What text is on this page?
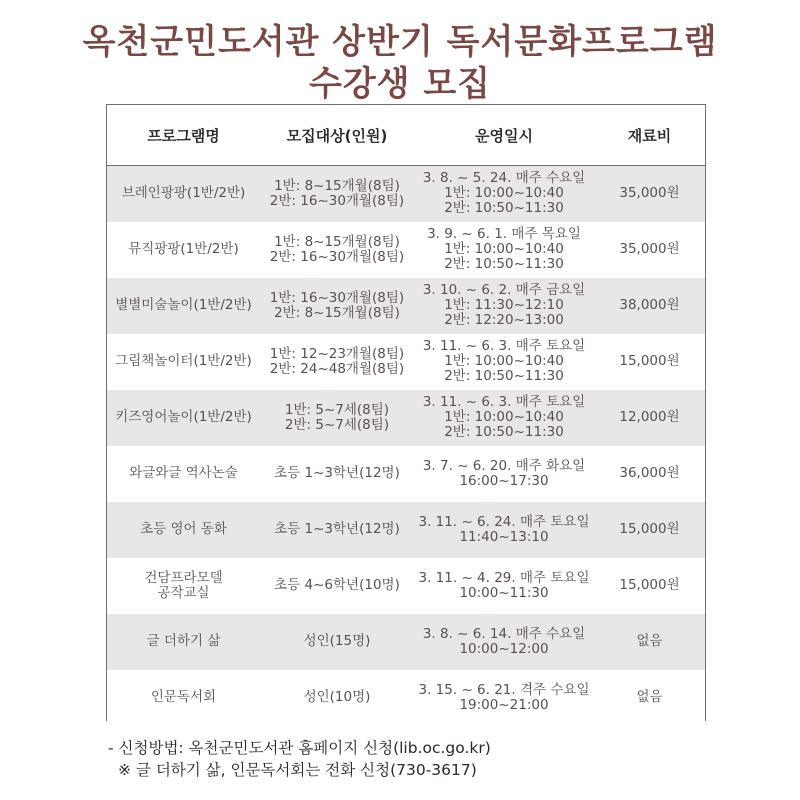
옥천군민도서관 상반기 독서문화프로그램
수강생 모집
프로그램명	모집대상(인원)	운영일시	재료비

브레인팡팡(1반/2반)	1반: 8~15개월(8팀)
2반: 16~30개월(8팀)	3. 8. ~ 5. 24. 매주 수요일
1반: 10:00~10:40
2반: 10:50~11:30	35,000원

뮤직팡팡(1반/2반)	1반: 8~15개월(8팀)
2반: 16~30개월(8팀)	3. 9. ~ 6. 1. 매주 목요일
1반: 10:00~10:40
2반: 10:50~11:30	35,000원

별별미술놀이(1반/2반)	1반: 16~30개월(8팀)
2반: 8~15개월(8팀)	3. 10. ~ 6. 2. 매주 금요일
1반: 11:30~12:10
2반: 12:20~13:00	38,000원

그림책놀이터(1반/2반)	1반: 12~23개월(8팀)
2반: 24~48개월(8팀)	3. 11. ~ 6. 3. 매주 토요일
1반: 10:00~10:40
2반: 10:50~11:30	15,000원

키즈영어놀이(1반/2반)	1반: 5~7세(8팀)
2반: 5~7세(8팀)	3. 11. ~ 6. 3. 매주 토요일
1반: 10:00~10:40
2반: 10:50~11:30	12,000원

와글와글 역사논술	초등 1~3학년(12명)	3. 7. ~ 6. 20. 매주 화요일
16:00~17:30	36,000원

초등 영어 동화	초등 1~3학년(12명)	3. 11. ~ 6. 24. 매주 토요일
11:40~13:10	15,000원

건담프라모델
공작교실	초등 4~6학년(10명)	3. 11. ~ 4. 29. 매주 토요일
10:00~11:30	15,000원

글 더하기 삶	성인(15명)	3. 8. ~ 6. 14. 매주 수요일
10:00~12:00	없음

인문독서회	성인(10명)	3. 15. ~ 6. 21. 격주 수요일
19:00~21:00	없음
- 신청방법: 옥천군민도서관 홈페이지 신청(lib.oc.go.kr)
※ 글 더하기 삶, 인문독서회는 전화 신청(730-3617)
